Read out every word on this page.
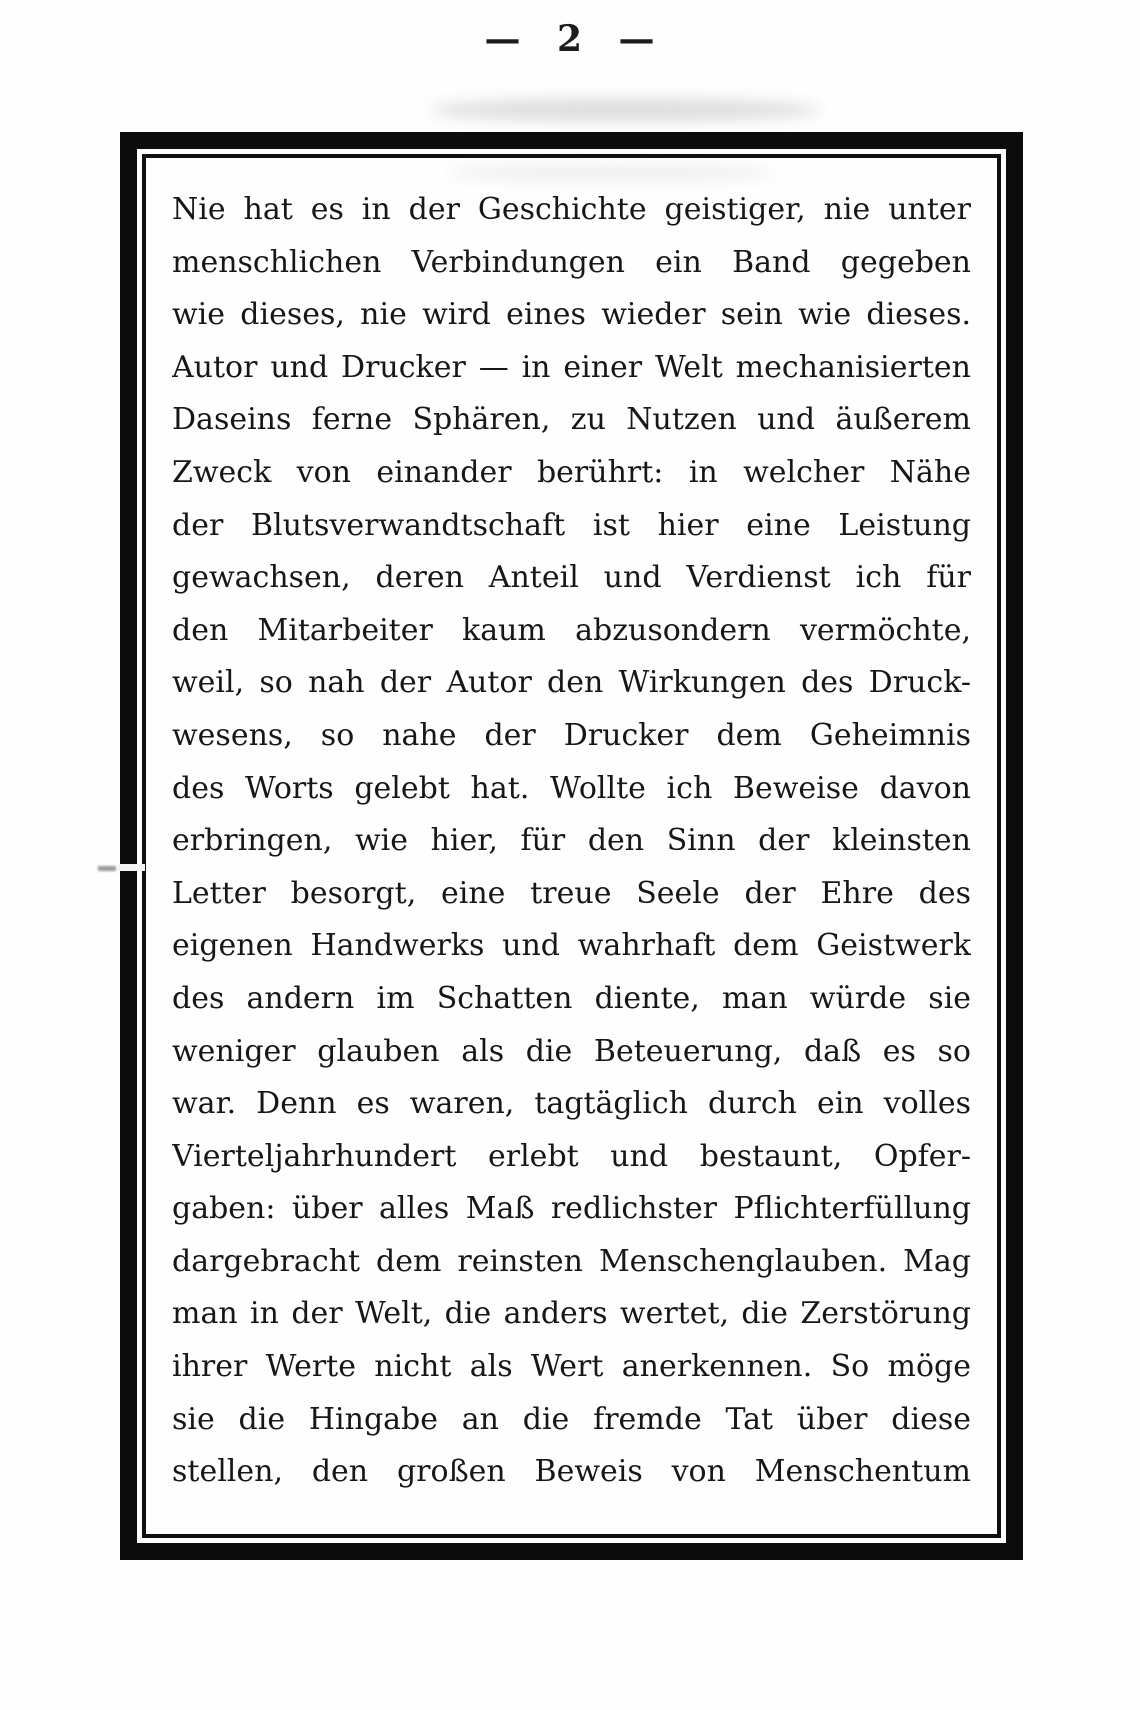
— 2 —
Nie hat es in der Geschichte geistiger, nie unter
menschlichen Verbindungen ein Band gegeben
wie dieses, nie wird eines wieder sein wie dieses.
Autor und Drucker — in einer Welt mechanisierten
Daseins ferne Sphären, zu Nutzen und äußerem
Zweck von einander berührt: in welcher Nähe
der Blutsverwandtschaft ist hier eine Leistung
gewachsen, deren Anteil und Verdienst ich für
den Mitarbeiter kaum abzusondern vermöchte,
weil, so nah der Autor den Wirkungen des Druck-
wesens, so nahe der Drucker dem Geheimnis
des Worts gelebt hat. Wollte ich Beweise davon
erbringen, wie hier, für den Sinn der kleinsten
Letter besorgt, eine treue Seele der Ehre des
eigenen Handwerks und wahrhaft dem Geistwerk
des andern im Schatten diente, man würde sie
weniger glauben als die Beteuerung, daß es so
war. Denn es waren, tagtäglich durch ein volles
Vierteljahrhundert erlebt und bestaunt, Opfer-
gaben: über alles Maß redlichster Pflichterfüllung
dargebracht dem reinsten Menschenglauben. Mag
man in der Welt, die anders wertet, die Zerstörung
ihrer Werte nicht als Wert anerkennen. So möge
sie die Hingabe an die fremde Tat über diese
stellen, den großen Beweis von Menschentum
